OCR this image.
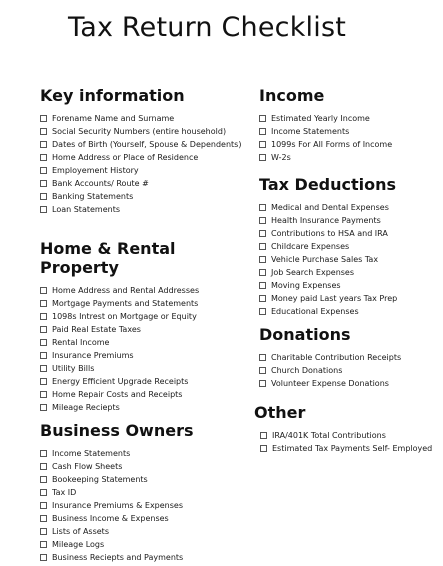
Tax Return Checklist
Key information
Forename Name and Surname
Social Security Numbers (entire household)
Dates of Birth (Yourself, Spouse & Dependents)
Home Address or Place of Residence
Employement History
Bank Accounts/ Route #
Banking Statements
Loan Statements
Home & Rental Property
Home Address and Rental Addresses
Mortgage Payments and Statements
1098s Intrest on Mortgage or Equity
Paid Real Estate Taxes
Rental Income
Insurance Premiums
Utility Bills
Energy Efficient Upgrade Receipts
Home Repair Costs and Receipts
Mileage Reciepts
Business Owners
Income Statements
Cash Flow Sheets
Bookeeping Statements
Tax ID
Insurance Premiums & Expenses
Business Income & Expenses
Lists of Assets
Mileage Logs
Business Reciepts and Payments
Income
Estimated Yearly Income
Income Statements
1099s For All Forms of Income
W-2s
Tax Deductions
Medical and Dental Expenses
Health Insurance Payments
Contributions to HSA and IRA
Childcare Expenses
Vehicle Purchase Sales Tax
Job Search Expenses
Moving Expenses
Money paid Last years Tax Prep
Educational Expenses
Donations
Charitable Contribution Receipts
Church Donations
Volunteer Expense Donations
Other
IRA/401K Total Contributions
Estimated Tax Payments Self- Employed
